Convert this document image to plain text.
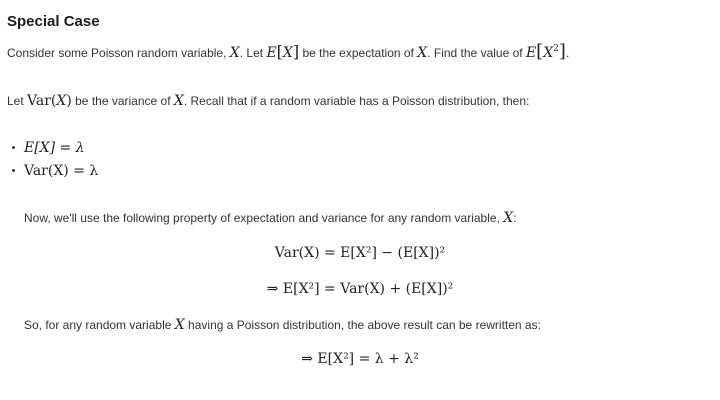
Special Case
Consider some Poisson random variable, X. Let E[X] be the expectation of X. Find the value of $E[X^2]$.
Let Var(X) be the variance of X. Recall that if a random variable has a Poisson distribution, then:
E[X] = λ
Var(X) = λ
Now, we'll use the following property of expectation and variance for any random variable, X:
Var(X) = E[X²] − (E[X])²
⇒ E[X²] = Var(X) + (E[X])²
So, for any random variable X having a Poisson distribution, the above result can be rewritten as:
⇒ E[X²] = λ + λ²
